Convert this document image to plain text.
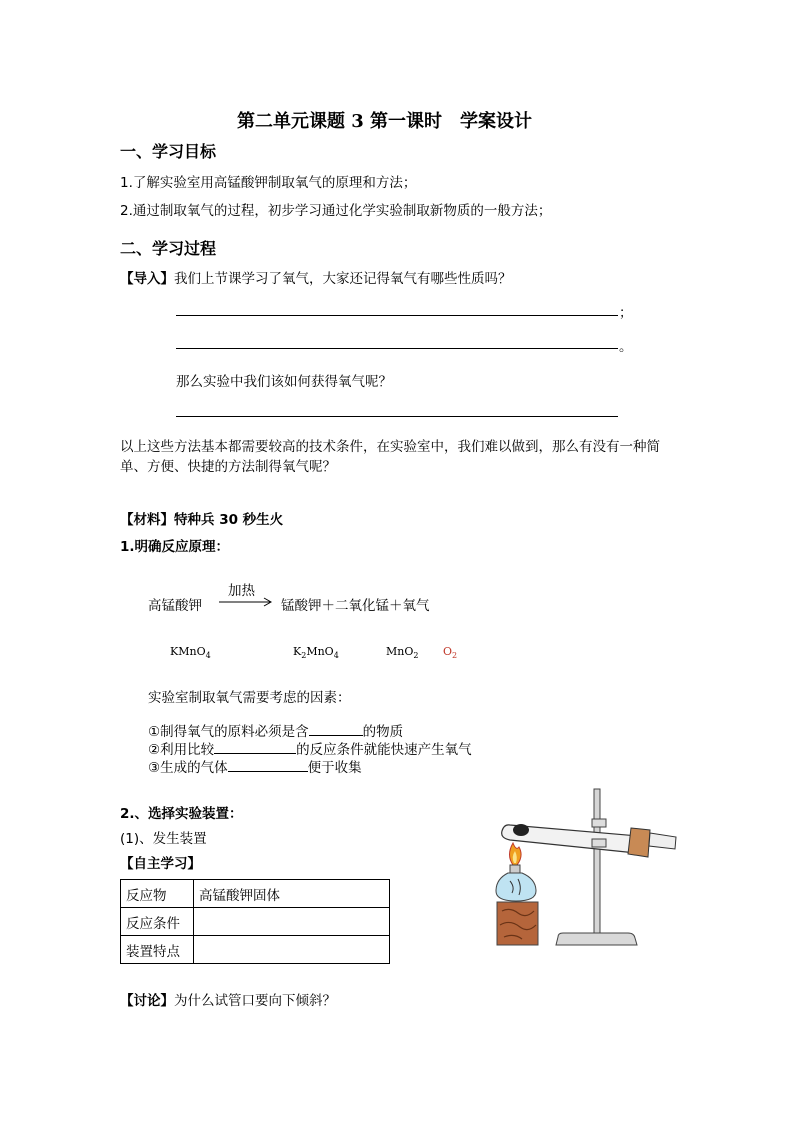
第二单元课题 3 第一课时　学案设计
一、学习目标
1.了解实验室用高锰酸钾制取氧气的原理和方法；
2.通过制取氧气的过程，初步学习通过化学实验制取新物质的一般方法；
二、学习过程
【导入】我们上节课学习了氧气，大家还记得氧气有哪些性质吗？
；
。
那么实验中我们该如何获得氧气呢？
以上这些方法基本都需要较高的技术条件，在实验室中，我们难以做到，那么有没有一种简
单、方便、快捷的方法制得氧气呢？
【材料】特种兵 30 秒生火
1.明确反应原理：
加热
高锰酸钾 → 锰酸钾＋二氧化锰＋氧气
KMnO$_4$	$K_2MnO_4$	MnO$_2$ $O_2$
实验室制取氧气需要考虑的因素：
①制得氧气的原料必须是含	的物质
②利用比较	的反应条件就能快速产生氧气
③生成的气体	便于收集
2.、选择实验装置：
(1)、发生装置
【自主学习】
反应物	高锰酸钾固体
反应条件	
装置特点	
【讨论】为什么试管口要向下倾斜？
